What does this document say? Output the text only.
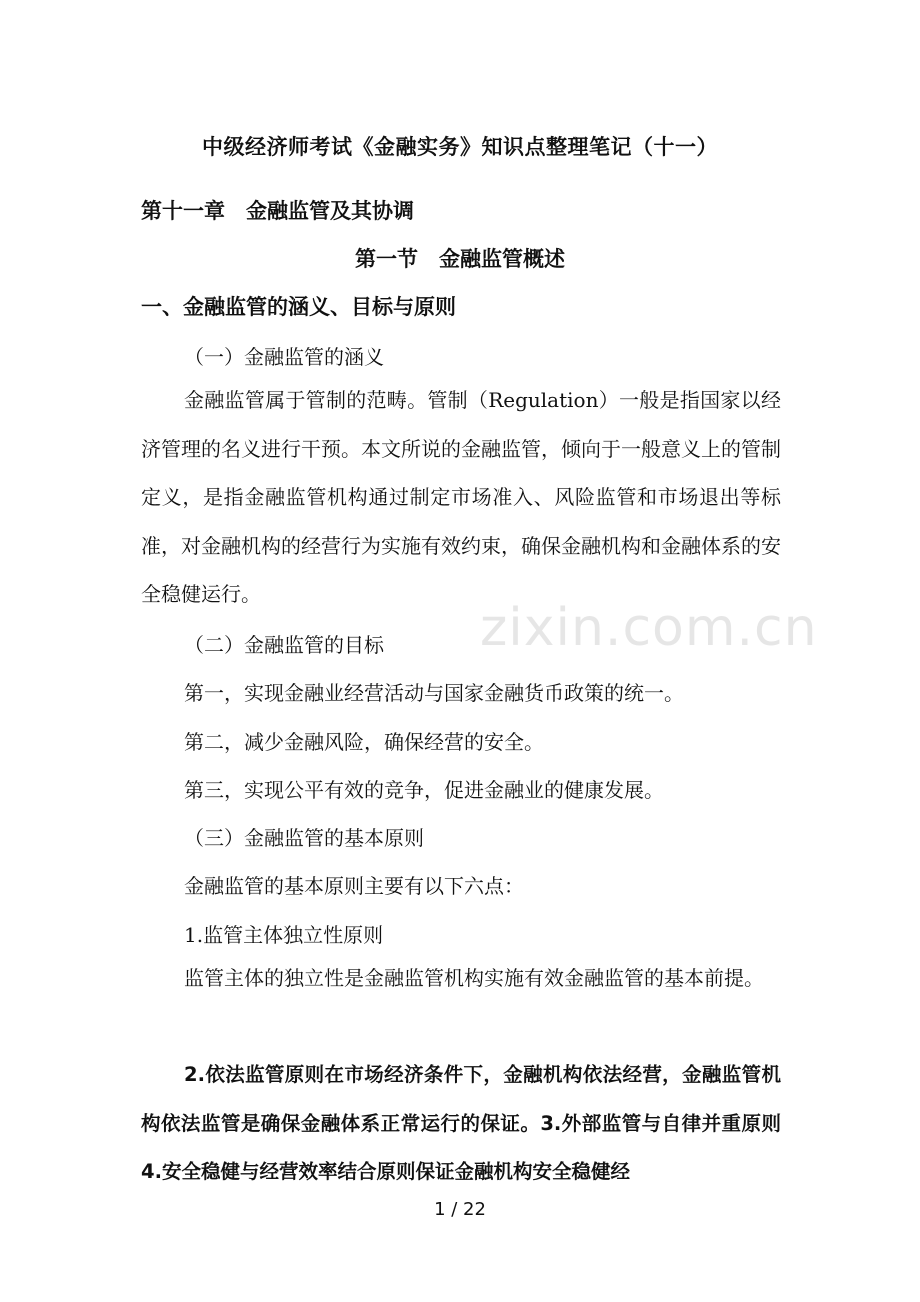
中级经济师考试《金融实务》知识点整理笔记（十一）
第十一章　金融监管及其协调
第一节　金融监管概述
一、金融监管的涵义、目标与原则
（一）金融监管的涵义
金融监管属于管制的范畴。管制（Regulation）一般是指国家以经济管理的名义进行干预。本文所说的金融监管，倾向于一般意义上的管制定义，是指金融监管机构通过制定市场准入、风险监管和市场退出等标准，对金融机构的经营行为实施有效约束，确保金融机构和金融体系的安全稳健运行。
（二）金融监管的目标
第一，实现金融业经营活动与国家金融货币政策的统一。
第二，减少金融风险，确保经营的安全。
第三，实现公平有效的竞争，促进金融业的健康发展。
（三）金融监管的基本原则
金融监管的基本原则主要有以下六点：
1.监管主体独立性原则
监管主体的独立性是金融监管机构实施有效金融监管的基本前提。
2.依法监管原则在市场经济条件下，金融机构依法经营，金融监管机构依法监管是确保金融体系正常运行的保证。3.外部监管与自律并重原则4.安全稳健与经营效率结合原则保证金融机构安全稳健经
zixin.com.cn
1 / 22
